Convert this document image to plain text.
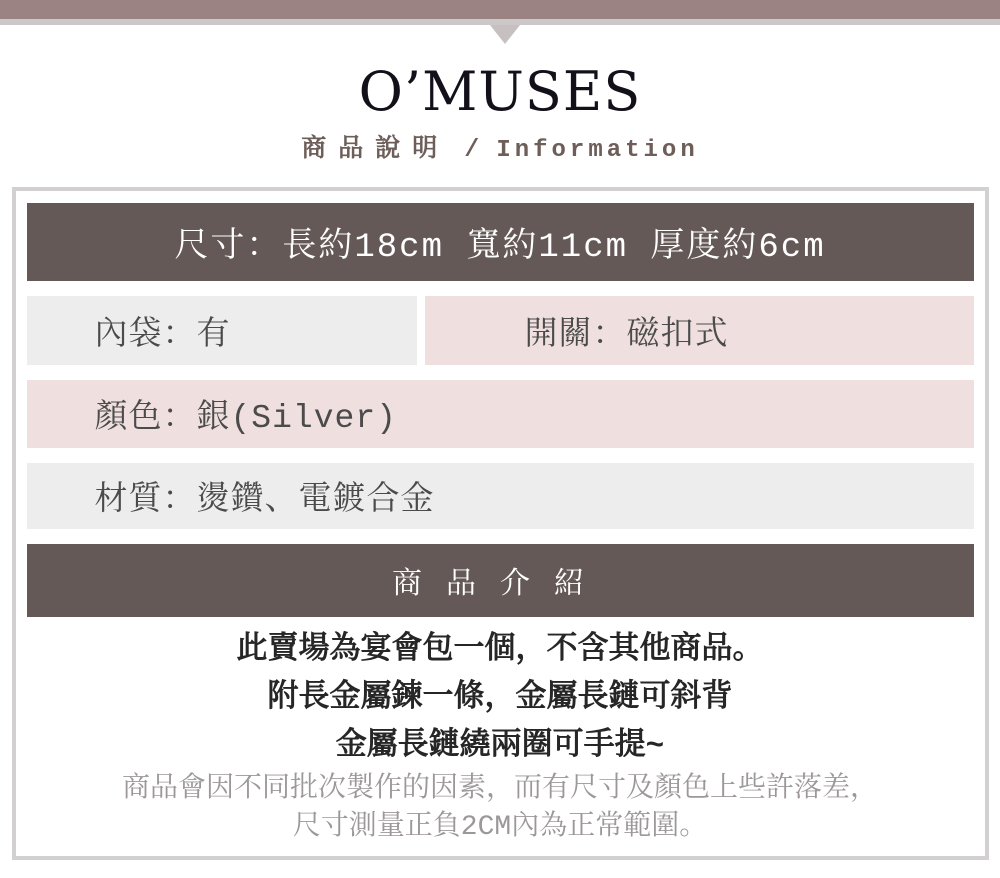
O’MUSES
商品說明 / Information
尺寸：長約18cm 寬約11cm 厚度約6cm
內袋：有	開關：磁扣式
顏色：銀(Silver)
材質：燙鑽、電鍍合金
商品介紹

此賣場為宴會包一個，不含其他商品。

附長金屬鍊一條，金屬長鏈可斜背

金屬長鏈繞兩圈可手提~

商品會因不同批次製作的因素，而有尺寸及顏色上些許落差，

尺寸測量正負2CM內為正常範圍。
